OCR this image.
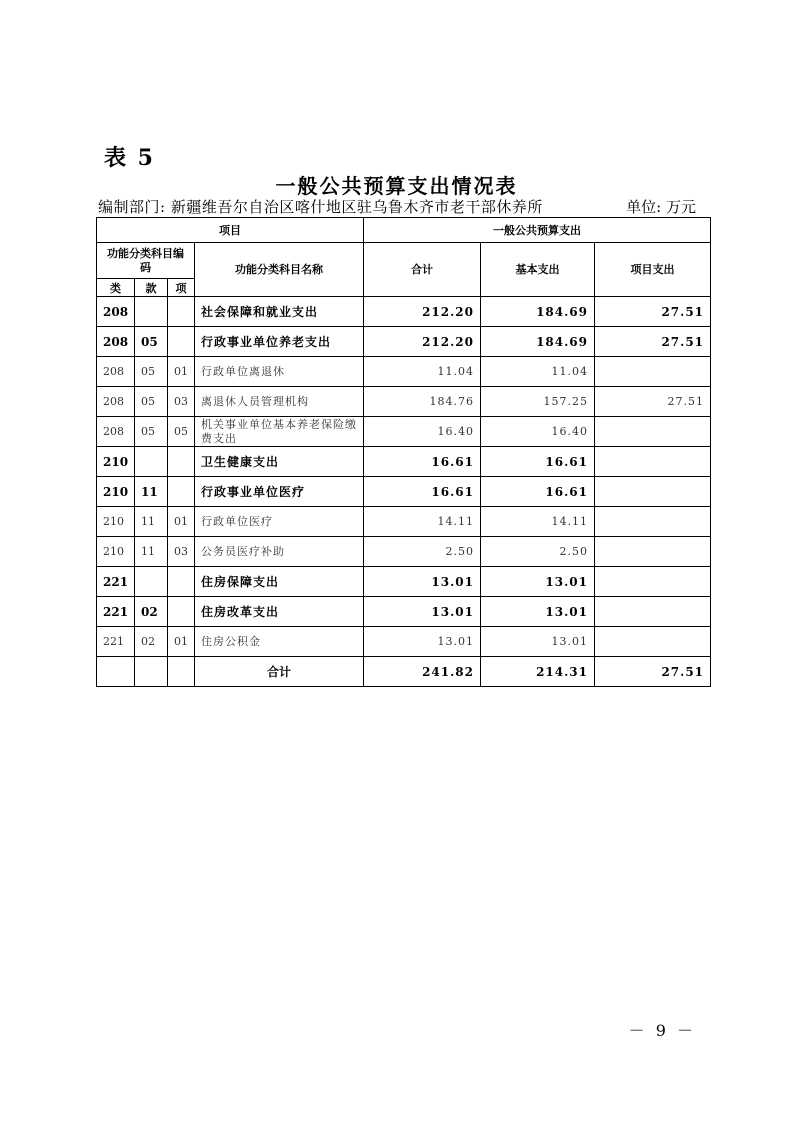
表 5
一般公共预算支出情况表
编制部门: 新疆维吾尔自治区喀什地区驻乌鲁木齐市老干部休养所	单位: 万元
项目				一般公共预算支出		
功能分类科目编码			功能分类科目名称	合计	基本支出	项目支出
类	款	项				
208			社会保障和就业支出	212.20	184.69	27.51
208	05		行政事业单位养老支出	212.20	184.69	27.51
208	05	01	行政单位离退休	11.04	11.04	
208	05	03	离退休人员管理机构	184.76	157.25	27.51
208	05	05	机关事业单位基本养老保险缴费支出	16.40	16.40	
210			卫生健康支出	16.61	16.61	
210	11		行政事业单位医疗	16.61	16.61	
210	11	01	行政单位医疗	14.11	14.11	
210	11	03	公务员医疗补助	2.50	2.50	
221			住房保障支出	13.01	13.01	
221	02		住房改革支出	13.01	13.01	
221	02	01	住房公积金	13.01	13.01	
			合计	241.82	214.31	27.51
－ 9 －
